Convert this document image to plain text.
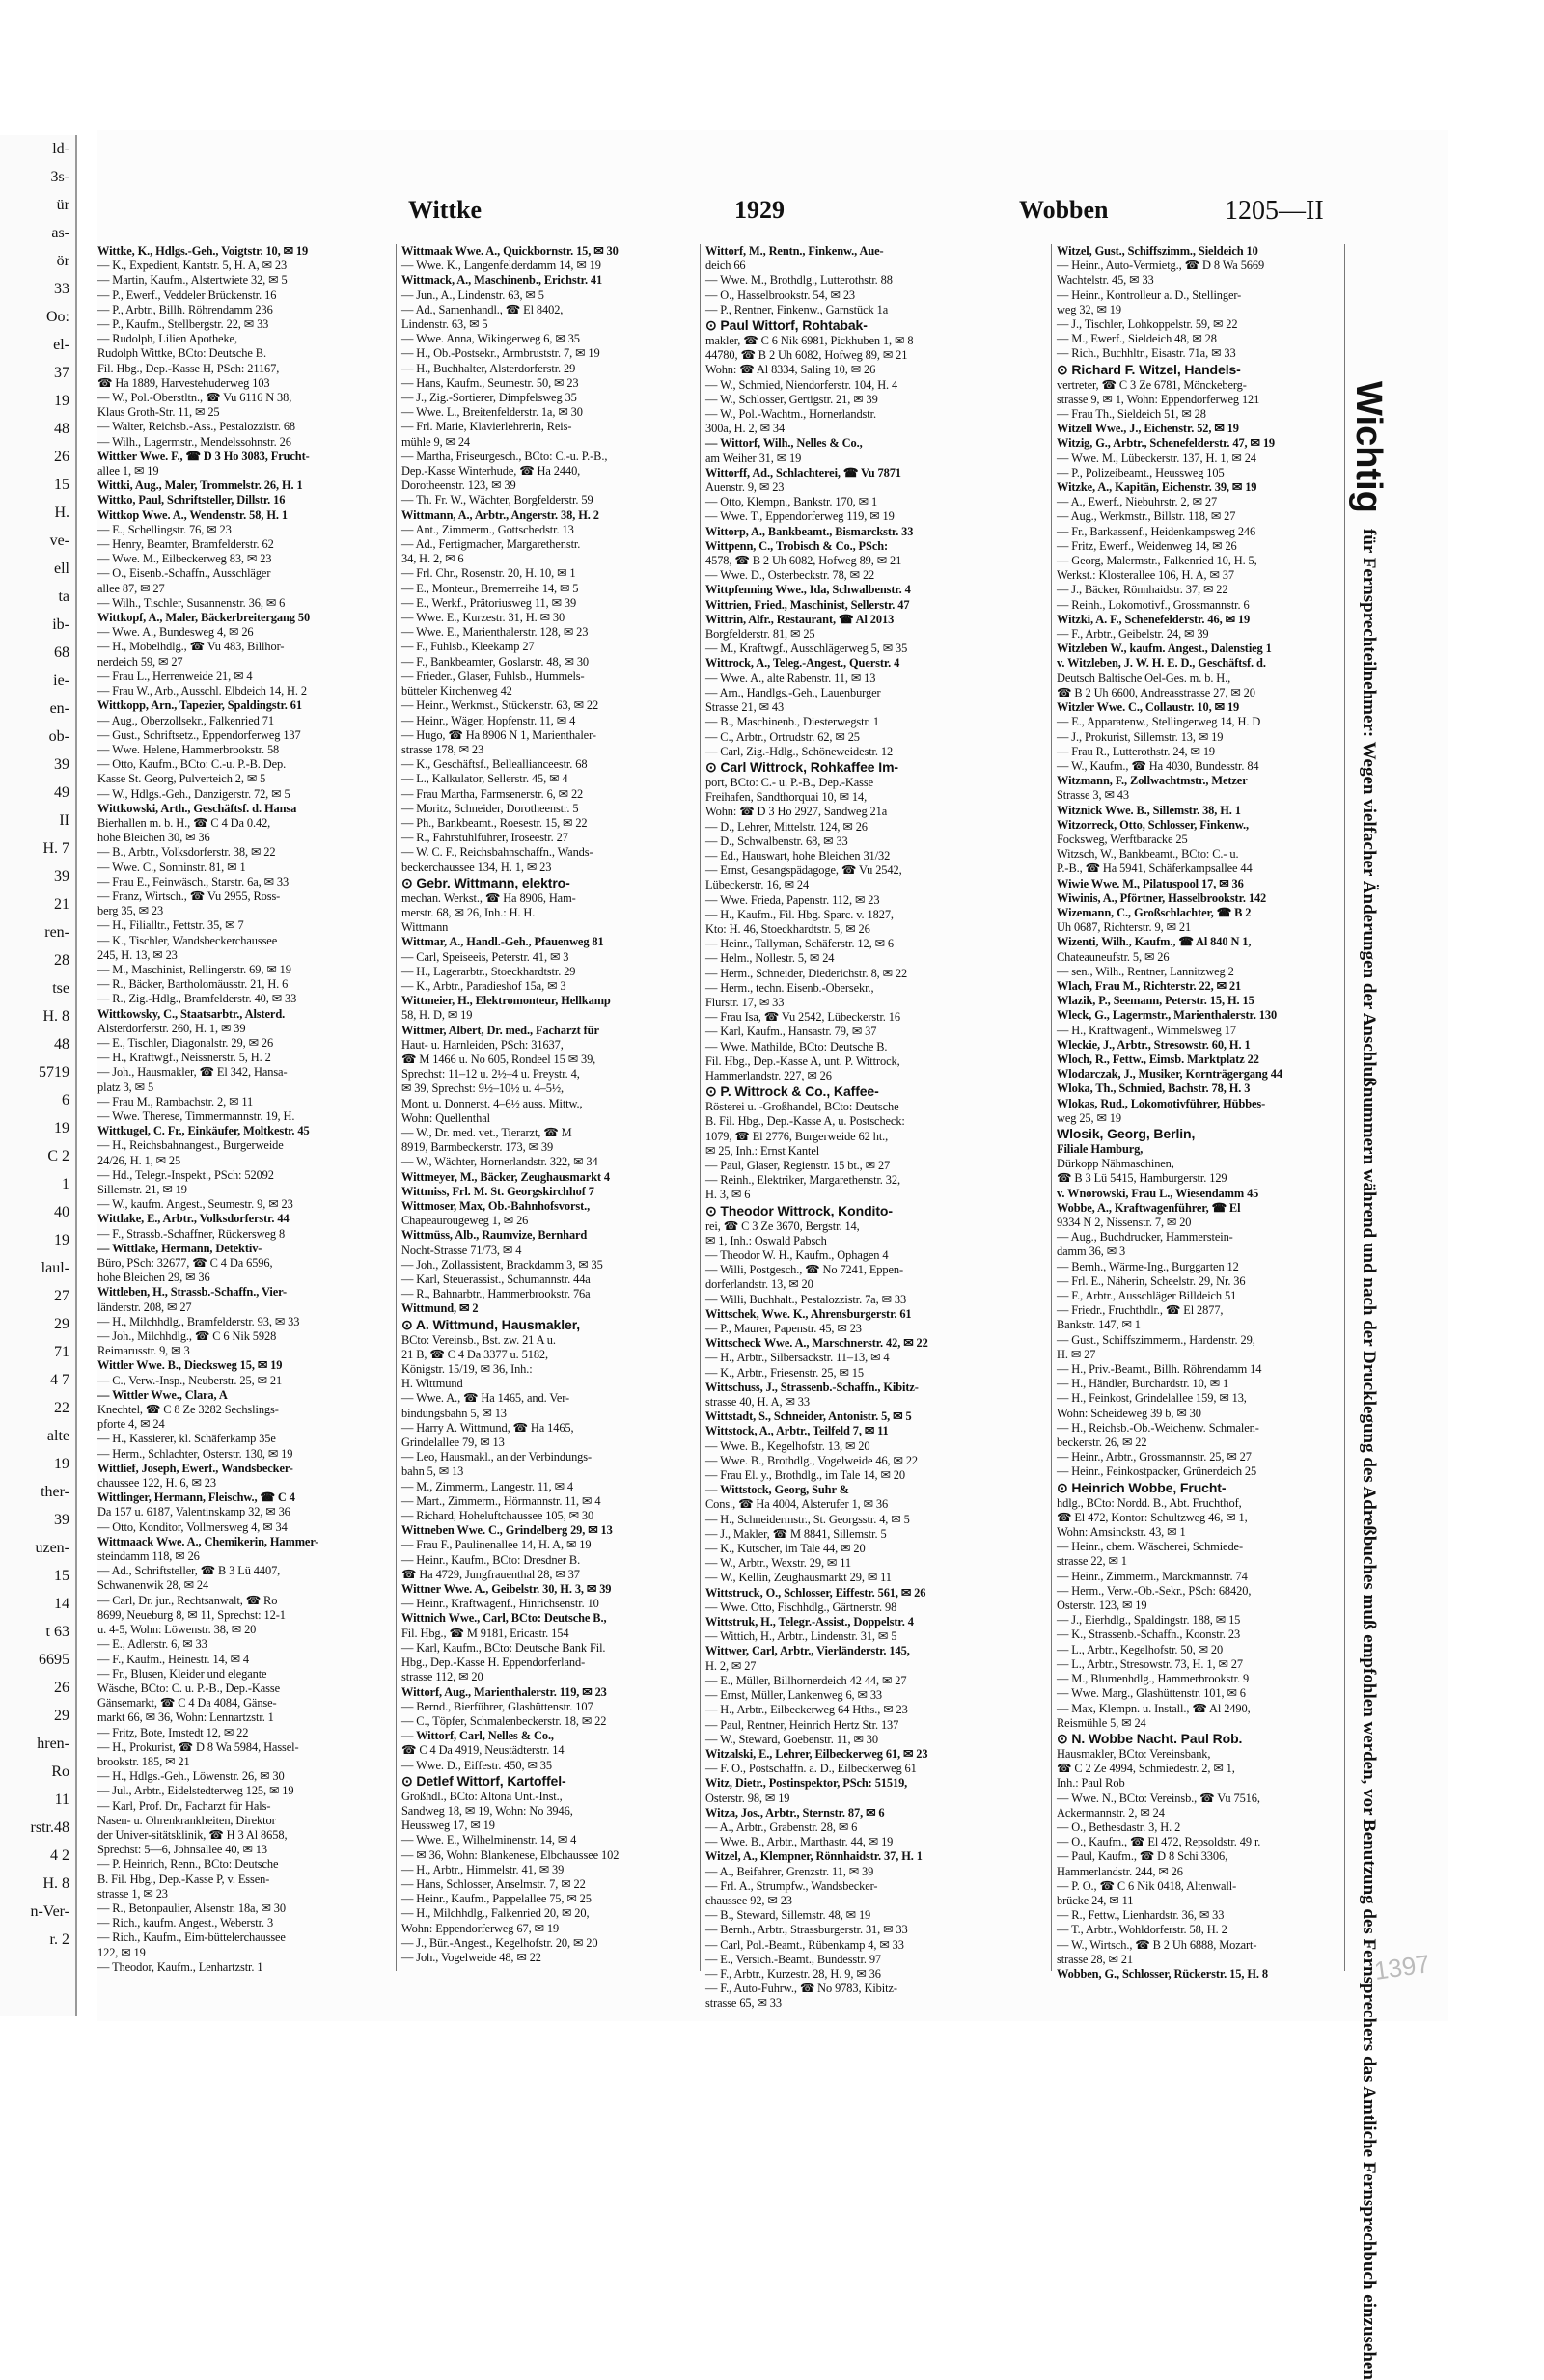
ld-
3s-
ür
as-
ör
33
Oo:
el-
37
19
48
26
15
H.
ve-
ell
ta
ib-
68
ie-
en-
ob-
39
49
II
H. 7
39
21
ren-
28
tse
H. 8
48
5719
6
19
C 2
1
40
19
laul-
27
29
71
4 7
22
alte
19
ther-
39
uzen-
15
14
t 63
6695
26
29
hren-
Ro
11
rstr.48
4 2
H. 8
n-Ver-
r. 2
Wittke	1929	Wobben	1205—II

Wittke, K., Hdlgs.-Geh., Voigtstr. 10, ✉ 19

— K., Expedient, Kantstr. 5, H. A, ✉ 23

— Martin, Kaufm., Alstertwiete 32, ✉ 5

— P., Ewerf., Veddeler Brückenstr. 16

— P., Arbtr., Billh. Röhrendamm 236

— P., Kaufm., Stellbergstr. 22, ✉ 33

— Rudolph, Lilien Apotheke,

Rudolph Wittke, BCto: Deutsche B.

Fil. Hbg., Dep.-Kasse H, PSch: 21167,

☎ Ha 1889, Harvestehuderweg 103

— W., Pol.-Oberstltn., ☎ Vu 6116 N 38,

Klaus Groth-Str. 11, ✉ 25

— Walter, Reichsb.-Ass., Pestalozzistr. 68

— Wilh., Lagermstr., Mendelssohnstr. 26

Wittker Wwe. F., ☎ D 3 Ho 3083, Frucht-

allee 1, ✉ 19

Wittki, Aug., Maler, Trommelstr. 26, H. 1

Wittko, Paul, Schriftsteller, Dillstr. 16

Wittkop Wwe. A., Wendenstr. 58, H. 1

— E., Schellingstr. 76, ✉ 23

— Henry, Beamter, Bramfelderstr. 62

— Wwe. M., Eilbeckerweg 83, ✉ 23

— O., Eisenb.-Schaffn., Ausschläger

allee 87, ✉ 27

— Wilh., Tischler, Susannenstr. 36, ✉ 6

Wittkopf, A., Maler, Bäckerbreitergang 50

— Wwe. A., Bundesweg 4, ✉ 26

— H., Möbelhdlg., ☎ Vu 483, Billhor-

nerdeich 59, ✉ 27

— Frau L., Herrenweide 21, ✉ 4

— Frau W., Arb., Ausschl. Elbdeich 14, H. 2

Wittkopp, Arn., Tapezier, Spaldingstr. 61

— Aug., Oberzollsekr., Falkenried 71

— Gust., Schriftsetz., Eppendorferweg 137

— Wwe. Helene, Hammerbrookstr. 58

— Otto, Kaufm., BCto: C.-u. P.-B. Dep.

Kasse St. Georg, Pulverteich 2, ✉ 5

— W., Hdlgs.-Geh., Danzigerstr. 72, ✉ 5

Wittkowski, Arth., Geschäftsf. d. Hansa

Bierhallen m. b. H., ☎ C 4 Da 0.42,

hohe Bleichen 30, ✉ 36

— B., Arbtr., Volksdorferstr. 38, ✉ 22

— Wwe. C., Sonninstr. 81, ✉ 1

— Frau E., Feinwäsch., Starstr. 6a, ✉ 33

— Franz, Wirtsch., ☎ Vu 2955, Ross-

berg 35, ✉ 23

— H., Filialltr., Fettstr. 35, ✉ 7

— K., Tischler, Wandsbeckerchaussee

245, H. 13, ✉ 23

— M., Maschinist, Rellingerstr. 69, ✉ 19

— R., Bäcker, Bartholomäusstr. 21, H. 6

— R., Zig.-Hdlg., Bramfelderstr. 40, ✉ 33

Wittkowsky, C., Staatsarbtr., Alsterd.

Alsterdorferstr. 260, H. 1, ✉ 39

— E., Tischler, Diagonalstr. 29, ✉ 26

— H., Kraftwgf., Neissnerstr. 5, H. 2

— Joh., Hausmakler, ☎ El 342, Hansa-

platz 3, ✉ 5

— Frau M., Rambachstr. 2, ✉ 11

— Wwe. Therese, Timmermannstr. 19, H.

Wittkugel, C. Fr., Einkäufer, Moltkestr. 45

— H., Reichsbahnangest., Burgerweide

24/26, H. 1, ✉ 25

— Hd., Telegr.-Inspekt., PSch: 52092

Sillemstr. 21, ✉ 19

— W., kaufm. Angest., Seumestr. 9, ✉ 23

Wittlake, E., Arbtr., Volksdorferstr. 44

— F., Strassb.-Schaffner, Rückersweg 8

— Wittlake, Hermann, Detektiv-

Büro, PSch: 32677, ☎ C 4 Da 6596,

hohe Bleichen 29, ✉ 36

Wittleben, H., Strassb.-Schaffn., Vier-

länderstr. 208, ✉ 27

— H., Milchhdlg., Bramfelderstr. 93, ✉ 33

— Joh., Milchhdlg., ☎ C 6 Nik 5928

Reimarusstr. 9, ✉ 3

Wittler Wwe. B., Diecksweg 15, ✉ 19

— C., Verw.-Insp., Neuberstr. 25, ✉ 21

— Wittler Wwe., Clara, A

Knechtel, ☎ C 8 Ze 3282 Sechslings-

pforte 4, ✉ 24

— H., Kassierer, kl. Schäferkamp 35e

— Herm., Schlachter, Osterstr. 130, ✉ 19

Wittlief, Joseph, Ewerf., Wandsbecker-

chaussee 122, H. 6, ✉ 23

Wittlinger, Hermann, Fleischw., ☎ C 4

Da 157 u. 6187, Valentinskamp 32, ✉ 36

— Otto, Konditor, Vollmersweg 4, ✉ 34

Wittmaack Wwe. A., Chemikerin, Hammer-

steindamm 118, ✉ 26

— Ad., Schriftsteller, ☎ B 3 Lü 4407,

Schwanenwik 28, ✉ 24

— Carl, Dr. jur., Rechtsanwalt, ☎ Ro

8699, Neueburg 8, ✉ 11, Sprechst: 12-1

u. 4-5, Wohn: Löwenstr. 38, ✉ 20

— E., Adlerstr. 6, ✉ 33

— F., Kaufm., Heinestr. 14, ✉ 4

— Fr., Blusen, Kleider und elegante

Wäsche, BCto: C. u. P.-B., Dep.-Kasse

Gänsemarkt, ☎ C 4 Da 4084, Gänse-

markt 66, ✉ 36, Wohn: Lennartzstr. 1

— Fritz, Bote, Imstedt 12, ✉ 22

— H., Prokurist, ☎ D 8 Wa 5984, Hassel-

brookstr. 185, ✉ 21

— H., Hdlgs.-Geh., Löwenstr. 26, ✉ 30

— Jul., Arbtr., Eidelstedterweg 125, ✉ 19

— Karl, Prof. Dr., Facharzt für Hals-

Nasen- u. Ohrenkrankheiten, Direktor

der Univer-sitätsklinik, ☎ H 3 Al 8658,

Sprechst: 5—6, Johnsallee 40, ✉ 13

— P. Heinrich, Renn., BCto: Deutsche

B. Fil. Hbg., Dep.-Kasse P, v. Essen-

strasse 1, ✉ 23

— R., Betonpaulier, Alsenstr. 18a, ✉ 30

— Rich., kaufm. Angest., Weberstr. 3

— Rich., Kaufm., Eim-büttelerchaussee

122, ✉ 19

— Theodor, Kaufm., Lenhartzstr. 1

Wittmaak Wwe. A., Quickbornstr. 15, ✉ 30

— Wwe. K., Langenfelderdamm 14, ✉ 19

Wittmack, A., Maschinenb., Erichstr. 41

— Jun., A., Lindenstr. 63, ✉ 5

— Ad., Samenhandl., ☎ El 8402,

Lindenstr. 63, ✉ 5

— Wwe. Anna, Wikingerweg 6, ✉ 35

— H., Ob.-Postsekr., Armbruststr. 7, ✉ 19

— H., Buchhalter, Alsterdorferstr. 29

— Hans, Kaufm., Seumestr. 50, ✉ 23

— J., Zig.-Sortierer, Dimpfelsweg 35

— Wwe. L., Breitenfelderstr. 1a, ✉ 30

— Frl. Marie, Klavierlehrerin, Reis-

mühle 9, ✉ 24

— Martha, Friseurgesch., BCto: C.-u. P.-B.,

Dep.-Kasse Winterhude, ☎ Ha 2440,

Dorotheenstr. 123, ✉ 39

— Th. Fr. W., Wächter, Borgfelderstr. 59

Wittmann, A., Arbtr., Angerstr. 38, H. 2

— Ant., Zimmerm., Gottschedstr. 13

— Ad., Fertigmacher, Margarethenstr.

34, H. 2, ✉ 6

— Frl. Chr., Rosenstr. 20, H. 10, ✉ 1

— E., Monteur., Bremerreihe 14, ✉ 5

— E., Werkf., Prätoriusweg 11, ✉ 39

— Wwe. E., Kurzestr. 31, H. ✉ 30

— Wwe. E., Marienthalerstr. 128, ✉ 23

— F., Fuhlsb., Kleekamp 27

— F., Bankbeamter, Goslarstr. 48, ✉ 30

— Frieder., Glaser, Fuhlsb., Hummels-

bütteler Kirchenweg 42

— Heinr., Werkmst., Stückenstr. 63, ✉ 22

— Heinr., Wäger, Hopfenstr. 11, ✉ 4

— Hugo, ☎ Ha 8906 N 1, Marienthaler-

strasse 178, ✉ 23

— K., Geschäftsf., Belleallianceestr. 68

— L., Kalkulator, Sellerstr. 45, ✉ 4

— Frau Martha, Farmsenerstr. 6, ✉ 22

— Moritz, Schneider, Dorotheenstr. 5

— Ph., Bankbeamt., Roesestr. 15, ✉ 22

— R., Fahrstuhlführer, Iroseestr. 27

— W. C. F., Reichsbahnschaffn., Wands-

beckerchaussee 134, H. 1, ✉ 23

⊙ Gebr. Wittmann, elektro-

mechan. Werkst., ☎ Ha 8906, Ham-

merstr. 68, ✉ 26, Inh.: H. H.

Wittmann

Wittmar, A., Handl.-Geh., Pfauenweg 81

— Carl, Speiseeis, Peterstr. 41, ✉ 3

— H., Lagerarbtr., Stoeckhardtstr. 29

— K., Arbtr., Paradieshof 15a, ✉ 3

Wittmeier, H., Elektromonteur, Hellkamp

58, H. D, ✉ 19

Wittmer, Albert, Dr. med., Facharzt für

Haut- u. Harnleiden, PSch: 31637,

☎ M 1466 u. No 605, Rondeel 15 ✉ 39,

Sprechst: 11–12 u. 2½–4 u. Preystr. 4,

✉ 39, Sprechst: 9½–10½ u. 4–5½,

Mont. u. Donnerst. 4–6½ auss. Mittw.,

Wohn: Quellenthal

— W., Dr. med. vet., Tierarzt, ☎ M

8919, Barmbeckerstr. 173, ✉ 39

— W., Wächter, Hornerlandstr. 322, ✉ 34

Wittmeyer, M., Bäcker, Zeughausmarkt 4

Wittmiss, Frl. M. St. Georgskirchhof 7

Wittmoser, Max, Ob.-Bahnhofsvorst.,

Chapeaurougeweg 1, ✉ 26

Wittmüss, Alb., Raumvize, Bernhard

Nocht-Strasse 71/73, ✉ 4

— Joh., Zollassistent, Brackdamm 3, ✉ 35

— Karl, Steuerassist., Schumannstr. 44a

— R., Bahnarbtr., Hammerbrookstr. 76a

Wittmund, ✉ 2

⊙ A. Wittmund, Hausmakler,

BCto: Vereinsb., Bst. zw. 21 A u.

21 B, ☎ C 4 Da 3377 u. 5182,

Königstr. 15/19, ✉ 36, Inh.:

H. Wittmund

— Wwe. A., ☎ Ha 1465, and. Ver-

bindungsbahn 5, ✉ 13

— Harry A. Wittmund, ☎ Ha 1465,

Grindelallee 79, ✉ 13

— Leo, Hausmakl., an der Verbindungs-

bahn 5, ✉ 13

— M., Zimmerm., Langestr. 11, ✉ 4

— Mart., Zimmerm., Hörmannstr. 11, ✉ 4

— Richard, Hoheluftchaussee 105, ✉ 30

Wittneben Wwe. C., Grindelberg 29, ✉ 13

— Frau F., Paulinenallee 14, H. A, ✉ 19

— Heinr., Kaufm., BCto: Dresdner B.

☎ Ha 4729, Jungfrauenthal 28, ✉ 37

Wittner Wwe. A., Geibelstr. 30, H. 3, ✉ 39

— Heinr., Kraftwagenf., Hinrichsenstr. 10

Wittnich Wwe., Carl, BCto: Deutsche B.,

Fil. Hbg., ☎ M 9181, Ericastr. 154

— Karl, Kaufm., BCto: Deutsche Bank Fil.

Hbg., Dep.-Kasse H. Eppendorferland-

strasse 112, ✉ 20

Wittorf, Aug., Marienthalerstr. 119, ✉ 23

— Bernd., Bierführer, Glashüttenstr. 107

— C., Töpfer, Schmalenbeckerstr. 18, ✉ 22

— Wittorf, Carl, Nelles & Co.,

☎ C 4 Da 4919, Neustädterstr. 14

— Wwe. D., Eiffestr. 450, ✉ 35

⊙ Detlef Wittorf, Kartoffel-

Großhdl., BCto: Altona Unt.-Inst.,

Sandweg 18, ✉ 19, Wohn: No 3946,

Heussweg 17, ✉ 19

— Wwe. E., Wilhelminenstr. 14, ✉ 4

— ✉ 36, Wohn: Blankenese, Elbchaussee 102

— H., Arbtr., Himmelstr. 41, ✉ 39

— Hans, Schlosser, Anselmstr. 7, ✉ 22

— Heinr., Kaufm., Pappelallee 75, ✉ 25

— H., Milchhdlg., Falkenried 20, ✉ 20,

Wohn: Eppendorferweg 67, ✉ 19

— J., Bür.-Angest., Kegelhofstr. 20, ✉ 20

— Joh., Vogelweide 48, ✉ 22

Wittorf, M., Rentn., Finkenw., Aue-

deich 66

— Wwe. M., Brothdlg., Lutterothstr. 88

— O., Hasselbrookstr. 54, ✉ 23

— P., Rentner, Finkenw., Garnstück 1a

⊙ Paul Wittorf, Rohtabak-

makler, ☎ C 6 Nik 6981, Pickhuben 1, ✉ 8

44780, ☎ B 2 Uh 6082, Hofweg 89, ✉ 21

Wohn: ☎ Al 8334, Saling 10, ✉ 26

— W., Schmied, Niendorferstr. 104, H. 4

— W., Schlosser, Gertigstr. 21, ✉ 39

— W., Pol.-Wachtm., Hornerlandstr.

300a, H. 2, ✉ 34

— Wittorf, Wilh., Nelles & Co.,

am Weiher 31, ✉ 19

Wittorff, Ad., Schlachterei, ☎ Vu 7871

Auenstr. 9, ✉ 23

— Otto, Klempn., Bankstr. 170, ✉ 1

— Wwe. T., Eppendorferweg 119, ✉ 19

Wittorp, A., Bankbeamt., Bismarckstr. 33

Wittpenn, C., Trobisch & Co., PSch:

4578, ☎ B 2 Uh 6082, Hofweg 89, ✉ 21

— Wwe. D., Osterbeckstr. 78, ✉ 22

Wittpfenning Wwe., Ida, Schwalbenstr. 4

Wittrien, Fried., Maschinist, Sellerstr. 47

Wittrin, Alfr., Restaurant, ☎ Al 2013

Borgfelderstr. 81, ✉ 25

— M., Kraftwgf., Ausschlägerweg 5, ✉ 35

Wittrock, A., Teleg.-Angest., Querstr. 4

— Wwe. A., alte Rabenstr. 11, ✉ 13

— Arn., Handlgs.-Geh., Lauenburger

Strasse 21, ✉ 43

— B., Maschinenb., Diesterwegstr. 1

— C., Arbtr., Ortrudstr. 62, ✉ 25

— Carl, Zig.-Hdlg., Schöneweidestr. 12

⊙ Carl Wittrock, Rohkaffee Im-

port, BCto: C.- u. P.-B., Dep.-Kasse

Freihafen, Sandthorquai 10, ✉ 14,

Wohn: ☎ D 3 Ho 2927, Sandweg 21a

— D., Lehrer, Mittelstr. 124, ✉ 26

— D., Schwalbenstr. 68, ✉ 33

— Ed., Hauswart, hohe Bleichen 31/32

— Ernst, Gesangspädagoge, ☎ Vu 2542,

Lübeckerstr. 16, ✉ 24

— Wwe. Frieda, Papenstr. 112, ✉ 23

— H., Kaufm., Fil. Hbg. Sparc. v. 1827,

Kto: H. 46, Stoeckhardtstr. 5, ✉ 26

— Heinr., Tallyman, Schäferstr. 12, ✉ 6

— Helm., Nollestr. 5, ✉ 24

— Herm., Schneider, Diederichstr. 8, ✉ 22

— Herm., techn. Eisenb.-Obersekr.,

Flurstr. 17, ✉ 33

— Frau Isa, ☎ Vu 2542, Lübeckerstr. 16

— Karl, Kaufm., Hansastr. 79, ✉ 37

— Wwe. Mathilde, BCto: Deutsche B.

Fil. Hbg., Dep.-Kasse A, unt. P. Wittrock,

Hammerlandstr. 227, ✉ 26

⊙ P. Wittrock & Co., Kaffee-

Rösterei u. -Großhandel, BCto: Deutsche

B. Fil. Hbg., Dep.-Kasse A, u. Postscheck:

1079, ☎ El 2776, Burgerweide 62 ht.,

✉ 25, Inh.: Ernst Kantel

— Paul, Glaser, Regienstr. 15 bt., ✉ 27

— Reinh., Elektriker, Margarethenstr. 32,

H. 3, ✉ 6

⊙ Theodor Wittrock, Kondito-

rei, ☎ C 3 Ze 3670, Bergstr. 14,

✉ 1, Inh.: Oswald Pabsch

— Theodor W. H., Kaufm., Ophagen 4

— Willi, Postgesch., ☎ No 7241, Eppen-

dorferlandstr. 13, ✉ 20

— Willi, Buchhalt., Pestalozzistr. 7a, ✉ 33

Wittschek, Wwe. K., Ahrensburgerstr. 61

— P., Maurer, Papenstr. 45, ✉ 23

Wittscheck Wwe. A., Marschnerstr. 42, ✉ 22

— H., Arbtr., Silbersackstr. 11–13, ✉ 4

— K., Arbtr., Friesenstr. 25, ✉ 15

Wittschuss, J., Strassenb.-Schaffn., Kibitz-

strasse 40, H. A, ✉ 33

Wittstadt, S., Schneider, Antonistr. 5, ✉ 5

Wittstock, A., Arbtr., Teilfeld 7, ✉ 11

— Wwe. B., Kegelhofstr. 13, ✉ 20

— Wwe. B., Brothdlg., Vogelweide 46, ✉ 22

— Frau El. y., Brothdlg., im Tale 14, ✉ 20

— Wittstock, Georg, Suhr &

Cons., ☎ Ha 4004, Alsterufer 1, ✉ 36

— H., Schneidermstr., St. Georgsstr. 4, ✉ 5

— J., Makler, ☎ M 8841, Sillemstr. 5

— K., Kutscher, im Tale 44, ✉ 20

— W., Arbtr., Wexstr. 29, ✉ 11

— W., Kellin, Zeughausmarkt 29, ✉ 11

Wittstruck, O., Schlosser, Eiffestr. 561, ✉ 26

— Wwe. Otto, Fischhdlg., Gärtnerstr. 98

Wittstruk, H., Telegr.-Assist., Doppelstr. 4

— Wittich, H., Arbtr., Lindenstr. 31, ✉ 5

Wittwer, Carl, Arbtr., Vierländerstr. 145,

H. 2, ✉ 27

— E., Müller, Billhornerdeich 42 44, ✉ 27

— Ernst, Müller, Lankenweg 6, ✉ 33

— H., Arbtr., Eilbeckerweg 64 Hths., ✉ 23

— Paul, Rentner, Heinrich Hertz Str. 137

— W., Steward, Goebenstr. 11, ✉ 30

Witzalski, E., Lehrer, Eilbeckerweg 61, ✉ 23

— F. O., Postschaffn. a. D., Eilbeckerweg 61

Witz, Dietr., Postinspektor, PSch: 51519,

Osterstr. 98, ✉ 19

Witza, Jos., Arbtr., Sternstr. 87, ✉ 6

— A., Arbtr., Grabenstr. 28, ✉ 6

— Wwe. B., Arbtr., Marthastr. 44, ✉ 19

Witzel, A., Klempner, Rönnhaidstr. 37, H. 1

— A., Beifahrer, Grenzstr. 11, ✉ 39

— Frl. A., Strumpfw., Wandsbecker-

chaussee 92, ✉ 23

— B., Steward, Sillemstr. 48, ✉ 19

— Bernh., Arbtr., Strassburgerstr. 31, ✉ 33

— Carl, Pol.-Beamt., Rübenkamp 4, ✉ 33

— E., Versich.-Beamt., Bundesstr. 97

— F., Arbtr., Kurzestr. 28, H. 9, ✉ 36

— F., Auto-Fuhrw., ☎ No 9783, Kibitz-

strasse 65, ✉ 33

Witzel, Gust., Schiffszimm., Sieldeich 10

— Heinr., Auto-Vermietg., ☎ D 8 Wa 5669

Wachtelstr. 45, ✉ 33

— Heinr., Kontrolleur a. D., Stellinger-

weg 32, ✉ 19

— J., Tischler, Lohkoppelstr. 59, ✉ 22

— M., Ewerf., Sieldeich 48, ✉ 28

— Rich., Buchhltr., Eisastr. 71a, ✉ 33

⊙ Richard F. Witzel, Handels-

vertreter, ☎ C 3 Ze 6781, Mönckeberg-

strasse 9, ✉ 1, Wohn: Eppendorferweg 121

— Frau Th., Sieldeich 51, ✉ 28

Witzell Wwe., J., Eichenstr. 52, ✉ 19

Witzig, G., Arbtr., Schenefelderstr. 47, ✉ 19

— Wwe. M., Lübeckerstr. 137, H. 1, ✉ 24

— P., Polizeibeamt., Heussweg 105

Witzke, A., Kapitän, Eichenstr. 39, ✉ 19

— A., Ewerf., Niebuhrstr. 2, ✉ 27

— Aug., Werkmstr., Billstr. 118, ✉ 27

— Fr., Barkassenf., Heidenkampsweg 246

— Fritz, Ewerf., Weidenweg 14, ✉ 26

— Georg, Malermstr., Falkenried 10, H. 5,

Werkst.: Klosterallee 106, H. A, ✉ 37

— J., Bäcker, Rönnhaidstr. 37, ✉ 22

— Reinh., Lokomotivf., Grossmannstr. 6

Witzki, A. F., Schenefelderstr. 46, ✉ 19

— F., Arbtr., Geibelstr. 24, ✉ 39

Witzleben W., kaufm. Angest., Dalenstieg 1

v. Witzleben, J. W. H. E. D., Geschäftsf. d.

Deutsch Baltische Oel-Ges. m. b. H.,

☎ B 2 Uh 6600, Andreasstrasse 27, ✉ 20

Witzler Wwe. C., Collaustr. 10, ✉ 19

— E., Apparatenw., Stellingerweg 14, H. D

— J., Prokurist, Sillemstr. 13, ✉ 19

— Frau R., Lutterothstr. 24, ✉ 19

— W., Kaufm., ☎ Ha 4030, Bundesstr. 84

Witzmann, F., Zollwachtmstr., Metzer

Strasse 3, ✉ 43

Witznick Wwe. B., Sillemstr. 38, H. 1

Witzorreck, Otto, Schlosser, Finkenw.,

Focksweg, Werftbaracke 25

Witzsch, W., Bankbeamt., BCto: C.- u.

P.-B., ☎ Ha 5941, Schäferkampsallee 44

Wiwie Wwe. M., Pilatuspool 17, ✉ 36

Wiwinis, A., Pförtner, Hasselbrookstr. 142

Wizemann, C., Großschlachter, ☎ B 2

Uh 0687, Richterstr. 9, ✉ 21

Wizenti, Wilh., Kaufm., ☎ Al 840 N 1,

Chateauneufstr. 5, ✉ 26

— sen., Wilh., Rentner, Lannitzweg 2

Wlach, Frau M., Richterstr. 22, ✉ 21

Wlazik, P., Seemann, Peterstr. 15, H. 15

Wleck, G., Lagermstr., Marienthalerstr. 130

— H., Kraftwagenf., Wimmelsweg 17

Wleckie, J., Arbtr., Stresowstr. 60, H. 1

Wloch, R., Fettw., Eimsb. Marktplatz 22

Wlodarczak, J., Musiker, Kornträgergang 44

Wloka, Th., Schmied, Bachstr. 78, H. 3

Wlokas, Rud., Lokomotivführer, Hübbes-

weg 25, ✉ 19

Wlosik, Georg, Berlin,

Filiale Hamburg,

Dürkopp Nähmaschinen,

☎ B 3 Lü 5415, Hamburgerstr. 129

v. Wnorowski, Frau L., Wiesendamm 45

Wobbe, A., Kraftwagenführer, ☎ El

9334 N 2, Nissenstr. 7, ✉ 20

— Aug., Buchdrucker, Hammerstein-

damm 36, ✉ 3

— Bernh., Wärme-Ing., Burggarten 12

— Frl. E., Näherin, Scheelstr. 29, Nr. 36

— F., Arbtr., Ausschläger Billdeich 51

— Friedr., Fruchthdlr., ☎ El 2877,

Bankstr. 147, ✉ 1

— Gust., Schiffszimmerm., Hardenstr. 29,

H. ✉ 27

— H., Priv.-Beamt., Billh. Röhrendamm 14

— H., Händler, Burchardstr. 10, ✉ 1

— H., Feinkost, Grindelallee 159, ✉ 13,

Wohn: Scheideweg 39 b, ✉ 30

— H., Reichsb.-Ob.-Weichenw. Schmalen-

beckerstr. 26, ✉ 22

— Heinr., Arbtr., Grossmannstr. 25, ✉ 27

— Heinr., Feinkostpacker, Grünerdeich 25

⊙ Heinrich Wobbe, Frucht-

hdlg., BCto: Nordd. B., Abt. Fruchthof,

☎ El 472, Kontor: Schultzweg 46, ✉ 1,

Wohn: Amsinckstr. 43, ✉ 1

— Heinr., chem. Wäscherei, Schmiede-

strasse 22, ✉ 1

— Heinr., Zimmerm., Marckmannstr. 74

— Herm., Verw.-Ob.-Sekr., PSch: 68420,

Osterstr. 123, ✉ 19

— J., Eierhdlg., Spaldingstr. 188, ✉ 15

— K., Strassenb.-Schaffn., Koonstr. 23

— L., Arbtr., Kegelhofstr. 50, ✉ 20

— L., Arbtr., Stresowstr. 73, H. 1, ✉ 27

— M., Blumenhdlg., Hammerbrookstr. 9

— Wwe. Marg., Glashüttenstr. 101, ✉ 6

— Max, Klempn. u. Install., ☎ Al 2490,

Reismühle 5, ✉ 24

⊙ N. Wobbe Nacht. Paul Rob.

Hausmakler, BCto: Vereinsbank,

☎ C 2 Ze 4994, Schmiedestr. 2, ✉ 1,

Inh.: Paul Rob

— Wwe. N., BCto: Vereinsb., ☎ Vu 7516,

Ackermannstr. 2, ✉ 24

— O., Bethesdastr. 3, H. 2

— O., Kaufm., ☎ El 472, Repsoldstr. 49 r.

— Paul, Kaufm., ☎ D 8 Schi 3306,

Hammerlandstr. 244, ✉ 26

— P. O., ☎ C 6 Nik 0418, Altenwall-

brücke 24, ✉ 11

— R., Fettw., Lienhardstr. 36, ✉ 33

— T., Arbtr., Wohldorferstr. 58, H. 2

— W., Wirtsch., ☎ B 2 Uh 6888, Mozart-

strasse 28, ✉ 21

Wobben, G., Schlosser, Rückerstr. 15, H. 8

Wichtig für Fernsprechteilnehmer: Wegen vielfacher Änderungen der Anschlußnummern während und nach der Drucklegung des Adreßbuches muß empfohlen werden, vor Benutzung des Fernsprechers das Amtliche Fernsprechbuch einzusehen
1397
